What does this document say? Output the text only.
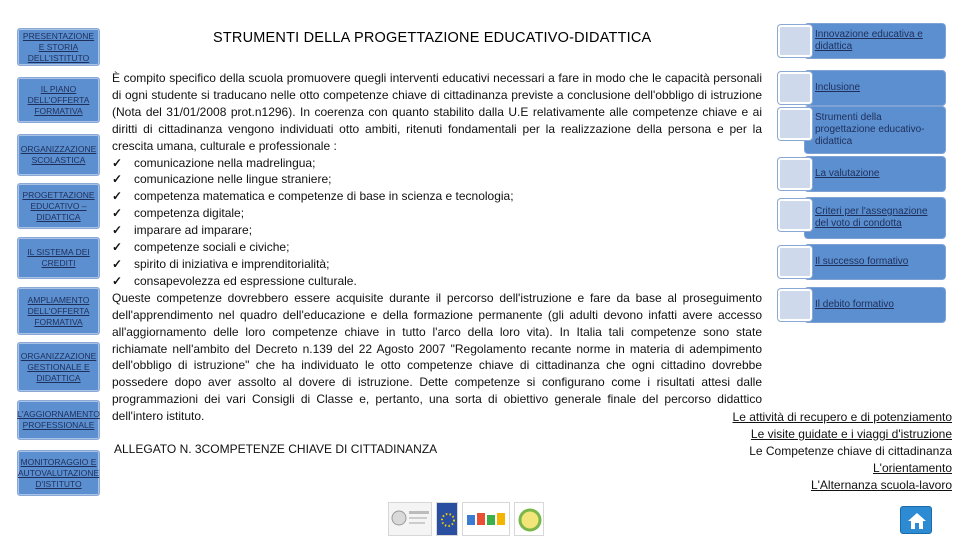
PRESENTAZIONE E STORIA DELL'ISTITUTO
IL PIANO DELL'OFFERTA FORMATIVA
ORGANIZZAZIONE SCOLASTICA
PROGETTAZIONE EDUCATIVO – DIDATTICA
IL SISTEMA DEI CREDITI
AMPLIAMENTO DELL'OFFERTA FORMATIVA
ORGANIZZAZIONE GESTIONALE E DIDATTICA
L'AGGIORNAMENTO PROFESSIONALE
MONITORAGGIO E AUTOVALUTAZIONE D'ISTITUTO
STRUMENTI DELLA PROGETTAZIONE EDUCATIVO-DIDATTICA

È compito specifico della scuola promuovere quegli interventi educativi necessari a fare in modo che le capacità personali di ogni studente si traducano nelle otto competenze chiave di cittadinanza previste a conclusione dell'obbligo di istruzione (Nota del 31/01/2008 prot.n1296). In coerenza con quanto stabilito dalla U.E relativamente alle competenze chiave e ai diritti di cittadinanza vengono individuati otto ambiti, ritenuti fondamentali per la realizzazione della persona e per la crescita umana, culturale e professionale :

✓ comunicazione nella madrelingua;
✓ comunicazione nelle lingue straniere;
✓ competenza matematica e competenze di base in scienza e tecnologia;
✓ competenza digitale;
✓ imparare ad imparare;
✓ competenze sociali e civiche;
✓ spirito di iniziativa e imprenditorialità;
✓ consapevolezza ed espressione culturale.

Queste competenze dovrebbero essere acquisite durante il percorso dell'istruzione e fare da base al proseguimento dell'apprendimento nel quadro dell'educazione e della formazione permanente (gli adulti devono infatti avere accesso all'aggiornamento delle loro competenze chiave in tutto l'arco della loro vita). In Italia tali competenze sono state richiamate nell'ambito del Decreto n.139 del 22 Agosto 2007 "Regolamento recante norme in materia di adempimento dell'obbligo di istruzione" che ha individuato le otto competenze chiave di cittadinanza che ogni cittadino dovrebbe possedere dopo aver assolto al dovere di istruzione. Dette competenze si configurano come i risultati attesi dalle programmazioni dei vari Consigli di Classe e, pertanto, una sorta di obiettivo generale finale del percorso didattico dell'intero istituto.

ALLEGATO N. 3COMPETENZE CHIAVE DI CITTADINANZA
Innovazione educativa e didattica
Inclusione
Strumenti della progettazione educativo-didattica
La valutazione
Criteri per l'assegnazione del voto di condotta
Il successo formativo
Il debito formativo
Le attività di recupero e di potenziamento
Le visite guidate e i viaggi d'istruzione
Le Competenze chiave di cittadinanza
L'orientamento
L'Alternanza scuola-lavoro
